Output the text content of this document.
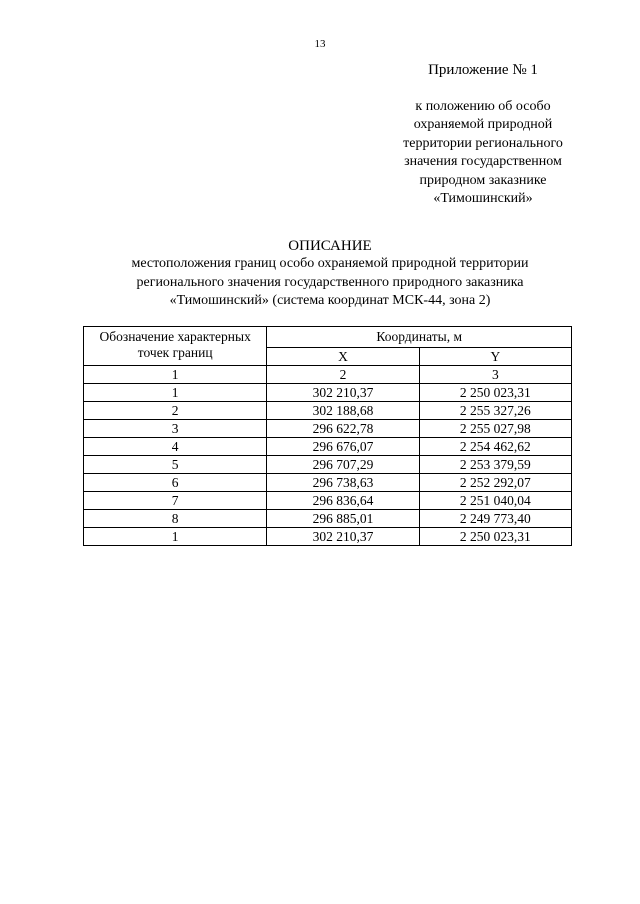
13
Приложение № 1
к положению об особо
охраняемой природной
территории регионального
значения государственном
природном заказнике
«Тимошинский»
ОПИСАНИЕ
местоположения границ особо охраняемой природной территории
регионального значения государственного природного заказника
«Тимошинский» (система координат МСК-44, зона 2)
Обозначение характерных точек границ	Координаты, м	
	X	Y
1	2	3
1	302 210,37	2 250 023,31
2	302 188,68	2 255 327,26
3	296 622,78	2 255 027,98
4	296 676,07	2 254 462,62
5	296 707,29	2 253 379,59
6	296 738,63	2 252 292,07
7	296 836,64	2 251 040,04
8	296 885,01	2 249 773,40
1	302 210,37	2 250 023,31
